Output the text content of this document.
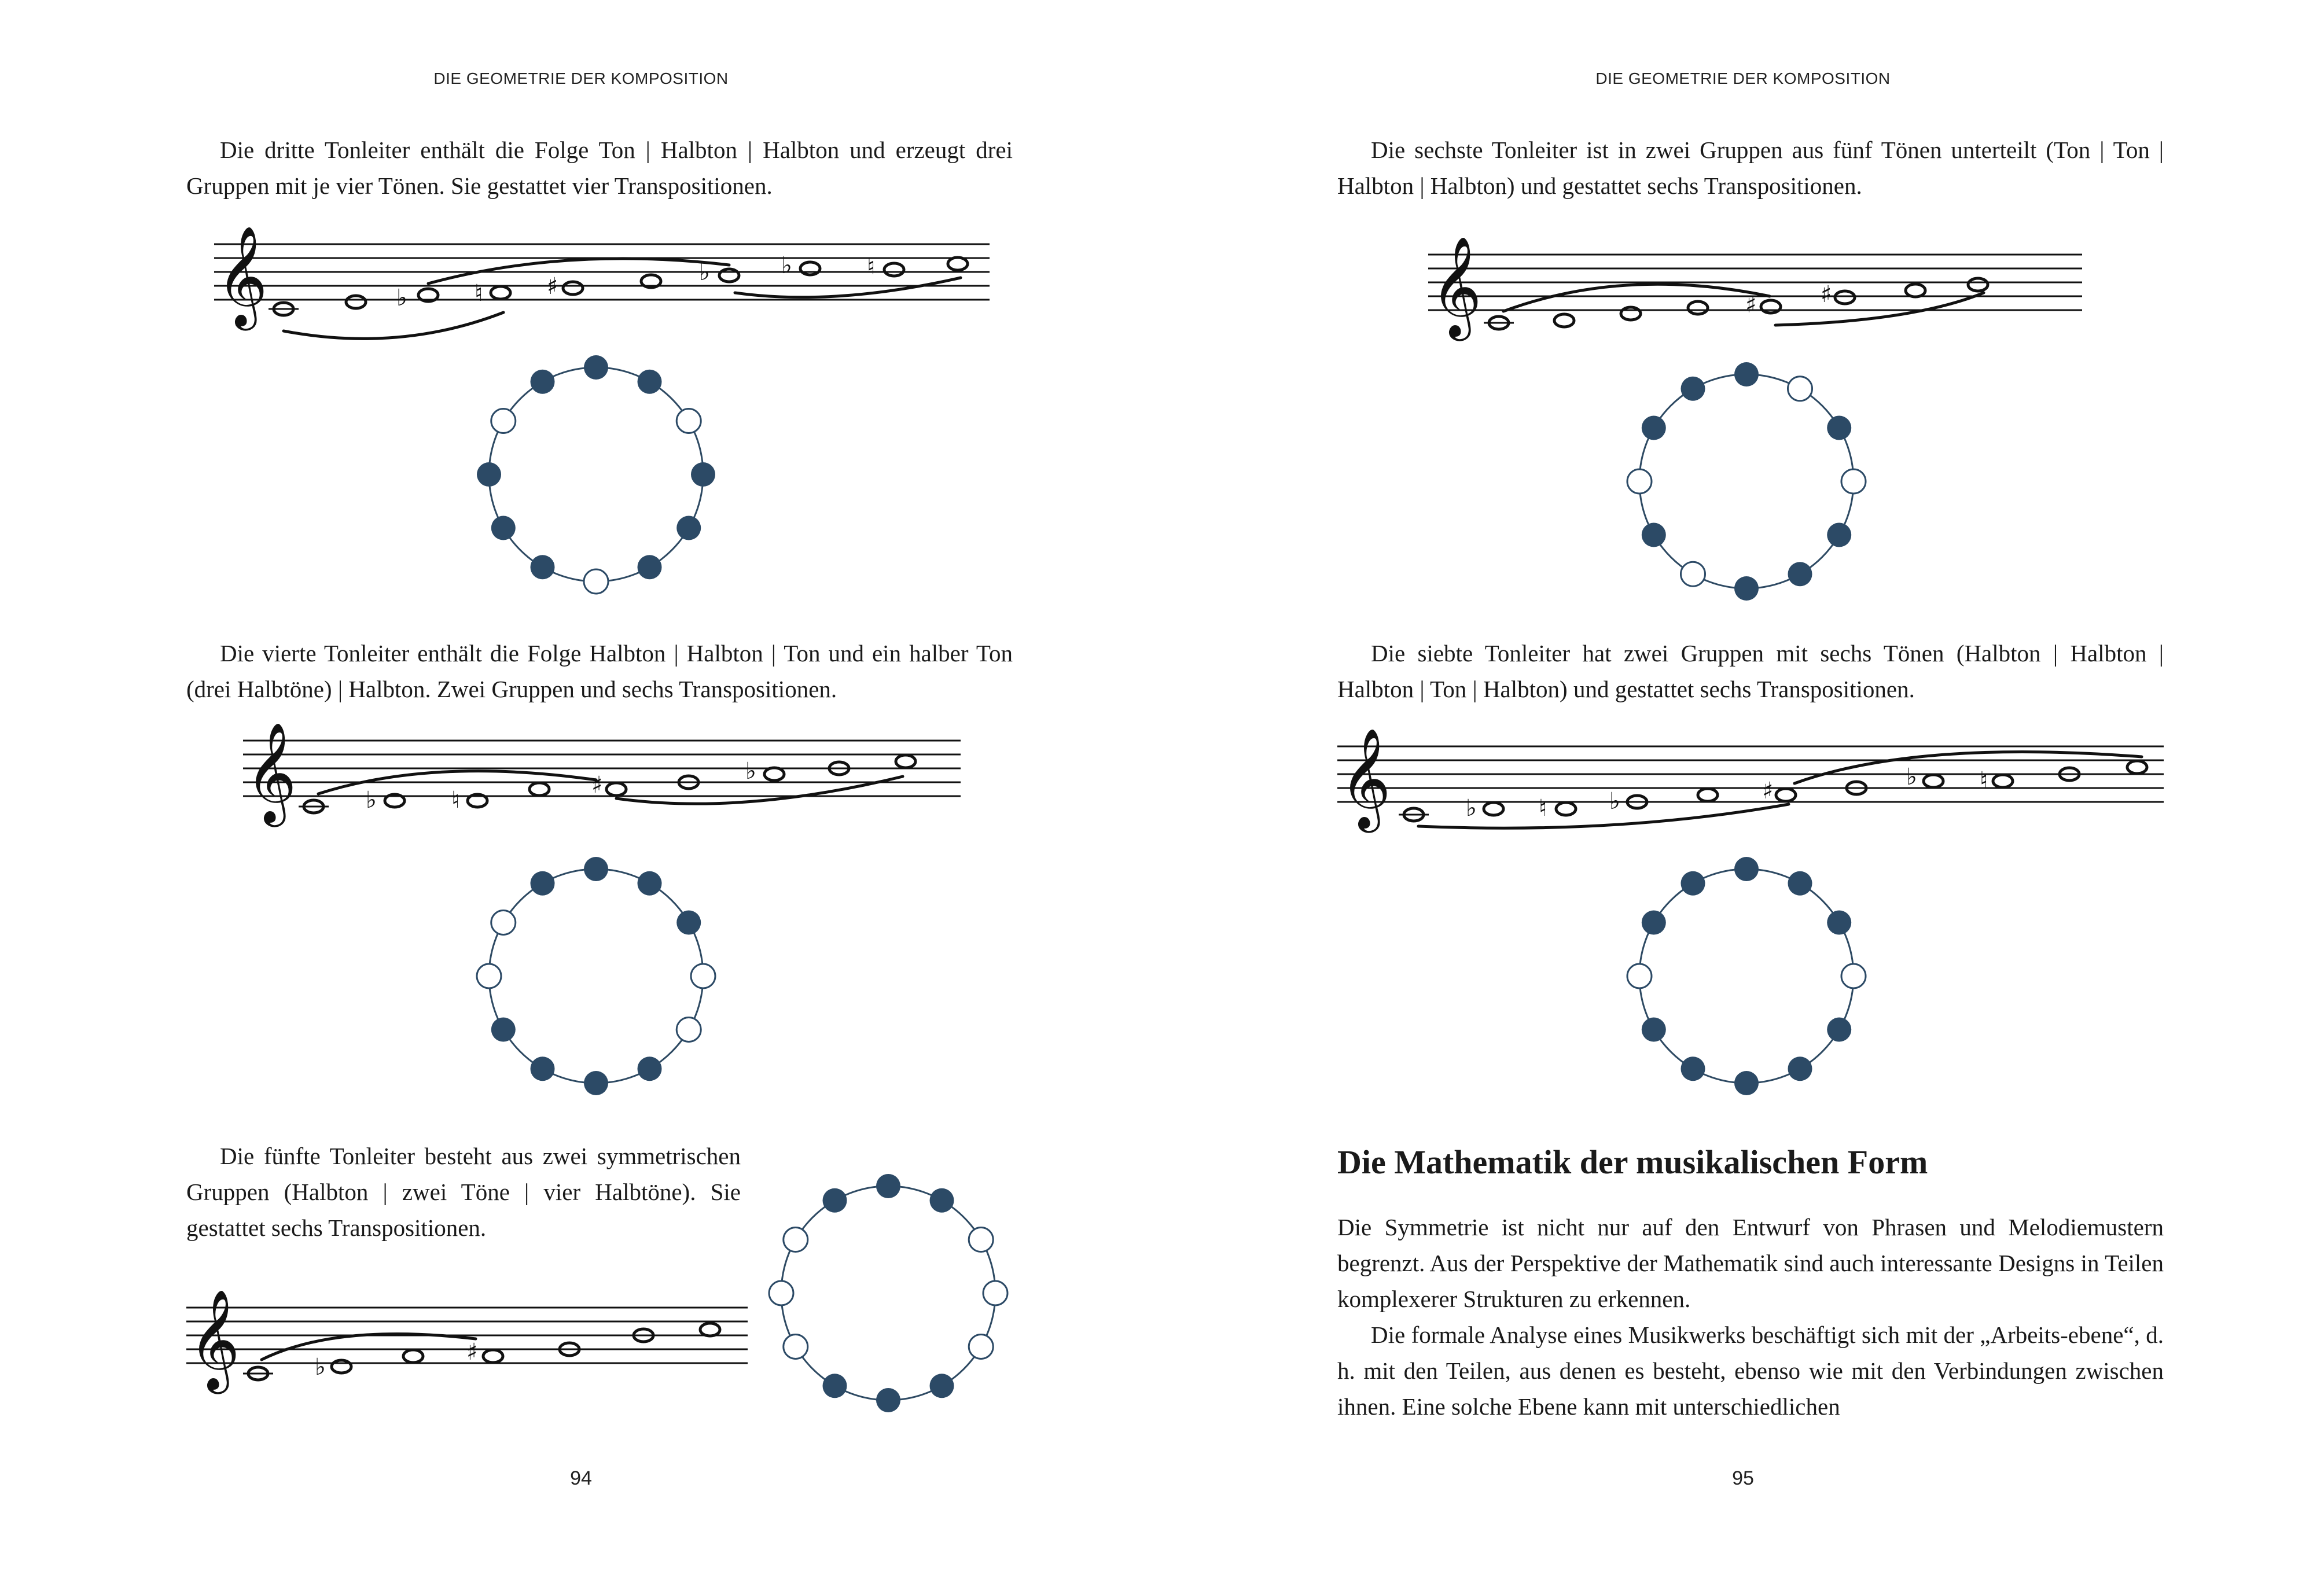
DIE GEOMETRIE DER KOMPOSITION

Die dritte Tonleiter enthält die Folge Ton | Halbton | Halbton und erzeugt drei Gruppen mit je vier Tönen. Sie gestattet vier Transpositionen.

𝄞	♭	♮	♯
♭	♭	♮

Die vierte Tonleiter enthält die Folge Halbton | Halbton | Ton und ein halber Ton (drei Halbtöne) | Halbton. Zwei Gruppen und sechs Transpositionen.

𝄞	♭	♮
♯
♭

Die fünfte Tonleiter besteht aus zwei symmetrischen Gruppen (Halbton | zwei Töne | vier Halbtöne). Sie gestattet sechs Transpositionen.

𝄞	♭
♯
94
DIE GEOMETRIE DER KOMPOSITION

Die sechste Tonleiter ist in zwei Gruppen aus fünf Tönen unterteilt (Ton | Ton | Halbton | Halbton) und gestattet sechs Transpositionen.

𝄞	♯	♯

Die siebte Tonleiter hat zwei Gruppen mit sechs Tönen (Halbton | Halbton | Halbton | Ton | Halbton) und gestattet sechs Transpositionen.

𝄞	♭	♮	♭	♯
♭	♮
Die Mathematik der musikalischen Form

Die Symmetrie ist nicht nur auf den Entwurf von Phrasen und Melodiemustern begrenzt. Aus der Perspektive der Mathematik sind auch interessante Designs in Teilen komplexerer Strukturen zu erkennen.

Die formale Analyse eines Musikwerks beschäftigt sich mit der „Arbeits-ebene“, d. h. mit den Teilen, aus denen es besteht, ebenso wie mit den Verbindungen zwischen ihnen. Eine solche Ebene kann mit unterschiedlichen

95
